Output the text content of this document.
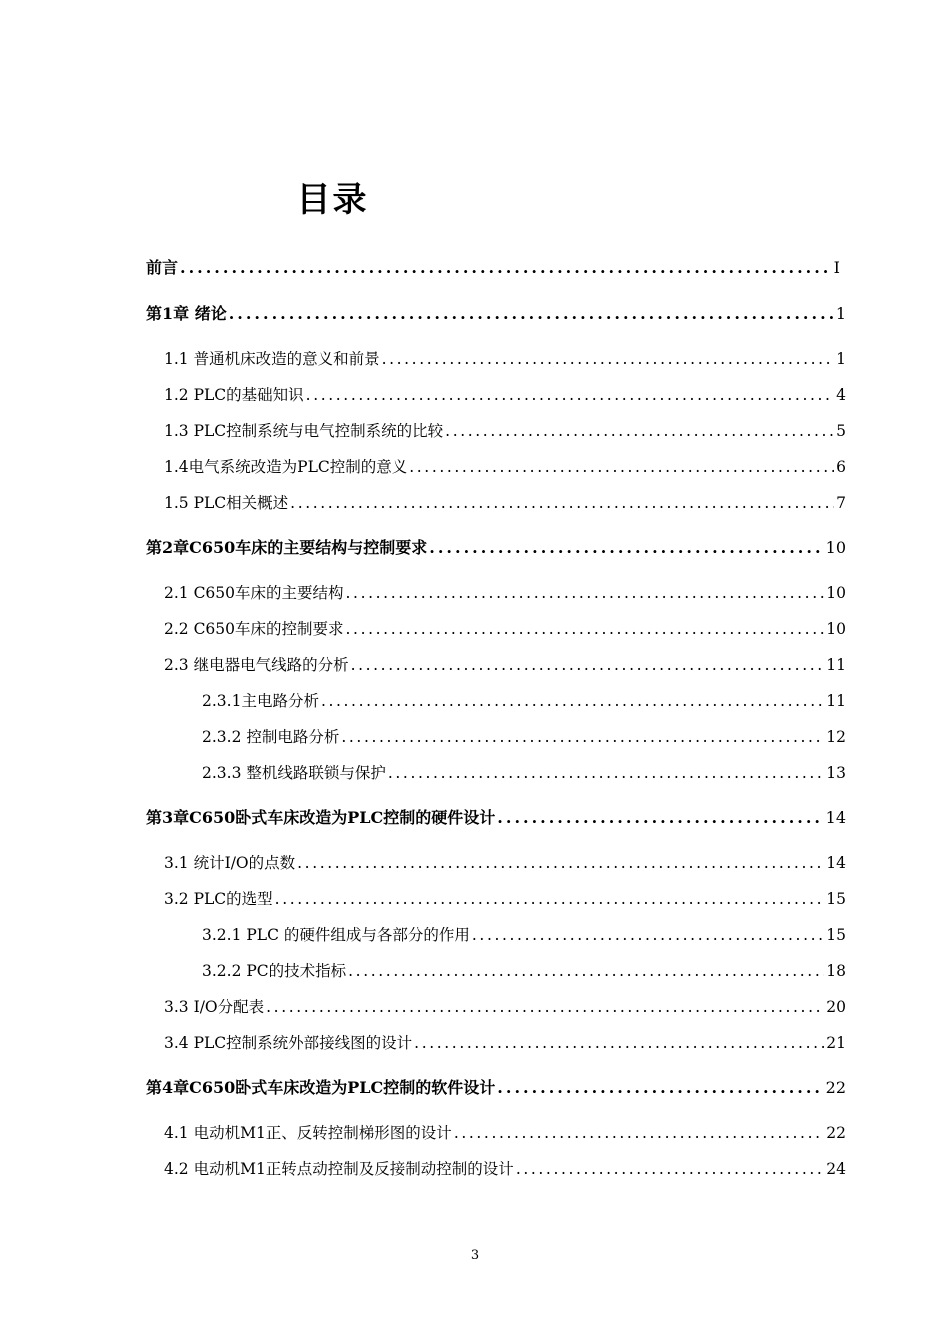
目录
前言 .....	I
第1章 绪论 .....	1
1.1 普通机床改造的意义和前景 .....	1
1.2 PLC的基础知识 .....	4
1.3 PLC控制系统与电气控制系统的比较 .....	5
1.4电气系统改造为PLC控制的意义 .....	6
1.5 PLC相关概述 .....	7
第2章C650车床的主要结构与控制要求 .....	10
2.1 C650车床的主要结构 .....	10
2.2 C650车床的控制要求 .....	10
2.3 继电器电气线路的分析 .....	11
2.3.1主电路分析 .....	11
2.3.2 控制电路分析 .....	12
2.3.3 整机线路联锁与保护 .....	13
第3章C650卧式车床改造为PLC控制的硬件设计 .....	14
3.1 统计I/O的点数 .....	14
3.2 PLC的选型 .....	15
3.2.1 PLC 的硬件组成与各部分的作用 .....	15
3.2.2 PC的技术指标 .....	18
3.3 I/O分配表 .....	20
3.4 PLC控制系统外部接线图的设计 .....	21
第4章C650卧式车床改造为PLC控制的软件设计 .....	22
4.1 电动机M1正、反转控制梯形图的设计 .....	22
4.2 电动机M1正转点动控制及反接制动控制的设计 .....	24
3
